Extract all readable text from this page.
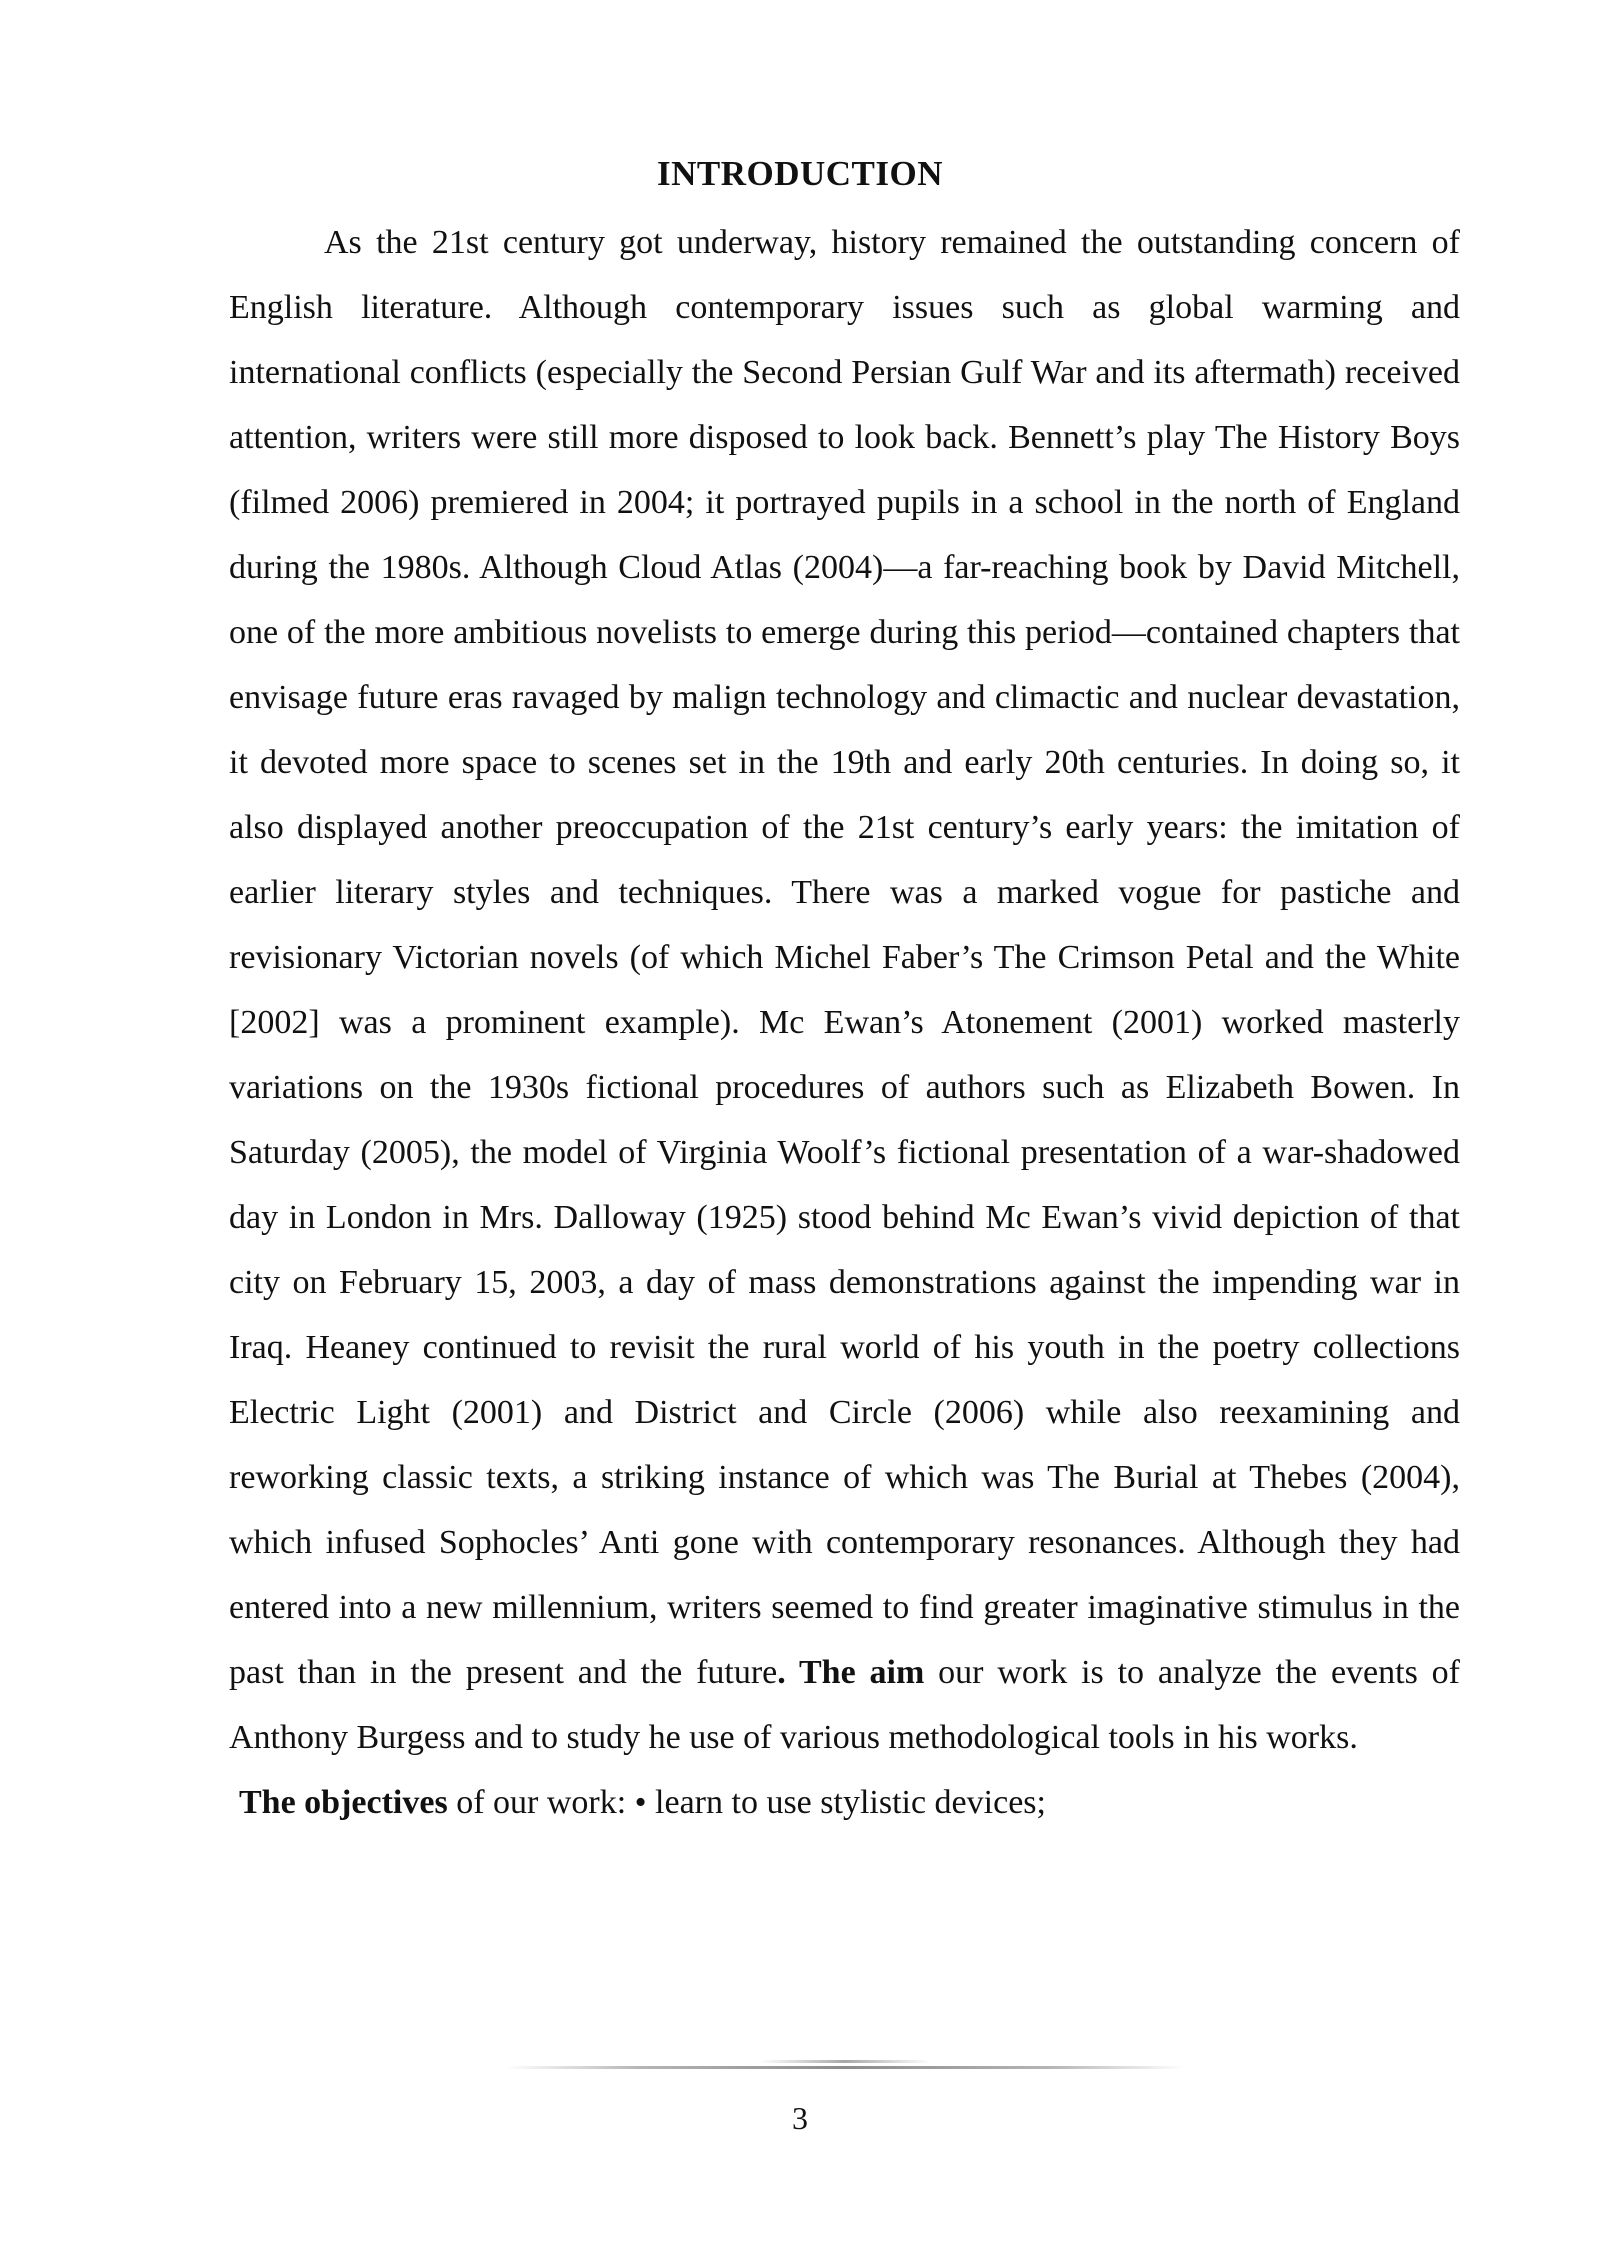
INTRODUCTION

As the 21st century got underway, history remained the outstanding concern of English literature. Although contemporary issues such as global warming and international conflicts (especially the Second Persian Gulf War and its aftermath) received attention, writers were still more disposed to look back. Bennett’s play The History Boys (filmed 2006) premiered in 2004; it portrayed pupils in a school in the north of England during the 1980s. Although Cloud Atlas (2004)—a far-reaching book by David Mitchell, one of the more ambitious novelists to emerge during this period—contained chapters that envisage future eras ravaged by malign technology and climactic and nuclear devastation, it devoted more space to scenes set in the 19th and early 20th centuries. In doing so, it also displayed another preoccupation of the 21st century’s early years: the imitation of earlier literary styles and techniques. There was a marked vogue for pastiche and revisionary Victorian novels (of which Michel Faber’s The Crimson Petal and the White [2002] was a prominent example). Mc Ewan’s Atonement (2001) worked masterly variations on the 1930s fictional procedures of authors such as Elizabeth Bowen. In Saturday (2005), the model of Virginia Woolf’s fictional presentation of a war-shadowed day in London in Mrs. Dalloway (1925) stood behind Mc Ewan’s vivid depiction of that city on February 15, 2003, a day of mass demonstrations against the impending war in Iraq. Heaney continued to revisit the rural world of his youth in the poetry collections Electric Light (2001) and District and Circle (2006) while also reexamining and reworking classic texts, a striking instance of which was The Burial at Thebes (2004), which infused Sophocles’ Anti gone with contemporary resonances. Although they had entered into a new millennium, writers seemed to find greater imaginative stimulus in the past than in the present and the future. The aim our work is to analyze the events of Anthony Burgess and to study he use of various methodological tools in his works.

The objectives of our work: • learn to use stylistic devices;

3
